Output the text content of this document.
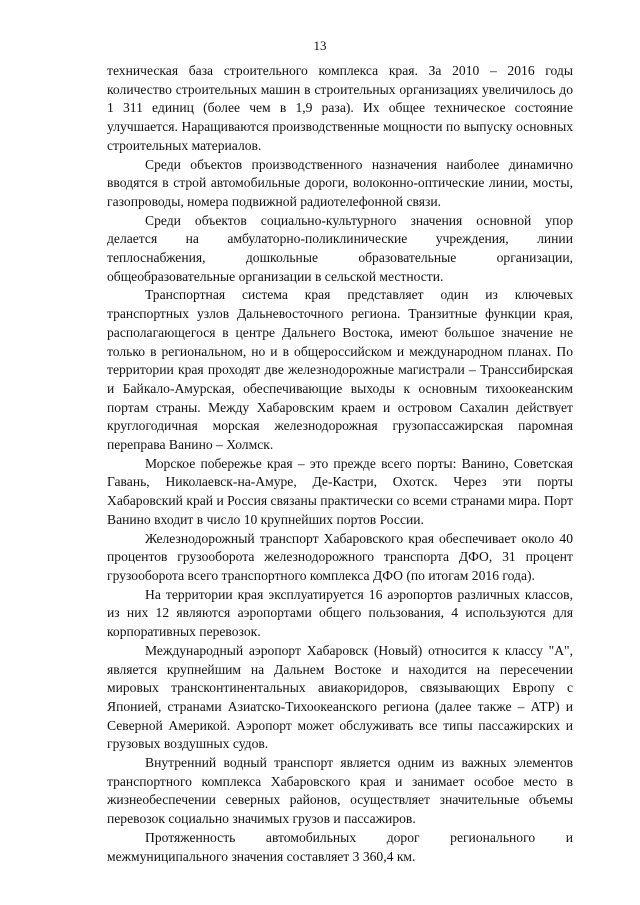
13

техническая база строительного комплекса края. За 2010 – 2016 годы количество строительных машин в строительных организациях увеличилось до 1 311 единиц (более чем в 1,9 раза). Их общее техническое состояние улучшается. Наращиваются производственные мощности по выпуску основных строительных материалов.

Среди объектов производственного назначения наиболее динамично вводятся в строй автомобильные дороги, волоконно-оптические линии, мосты, газопроводы, номера подвижной радиотелефонной связи.

Среди объектов социально-культурного значения основной упор делается на амбулаторно-поликлинические учреждения, линии теплоснабжения, дошкольные образовательные организации, общеобразовательные организации в сельской местности.

Транспортная система края представляет один из ключевых транспортных узлов Дальневосточного региона. Транзитные функции края, располагающегося в центре Дальнего Востока, имеют большое значение не только в региональном, но и в общероссийском и международном планах. По территории края проходят две железнодорожные магистрали – Транссибирская и Байкало-Амурская, обеспечивающие выходы к основным тихоокеанским портам страны. Между Хабаровским краем и островом Сахалин действует круглогодичная морская железнодорожная грузопассажирская паромная переправа Ванино – Холмск.

Морское побережье края – это прежде всего порты: Ванино, Советская Гавань, Николаевск-на-Амуре, Де-Кастри, Охотск. Через эти порты Хабаровский край и Россия связаны практически со всеми странами мира. Порт Ванино входит в число 10 крупнейших портов России.

Железнодорожный транспорт Хабаровского края обеспечивает около 40 процентов грузооборота железнодорожного транспорта ДФО, 31 процент грузооборота всего транспортного комплекса ДФО (по итогам 2016 года).

На территории края эксплуатируется 16 аэропортов различных классов, из них 12 являются аэропортами общего пользования, 4 используются для корпоративных перевозок.

Международный аэропорт Хабаровск (Новый) относится к классу "А", является крупнейшим на Дальнем Востоке и находится на пересечении мировых трансконтинентальных авиакоридоров, связывающих Европу с Японией, странами Азиатско-Тихоокеанского региона (далее также – АТР) и Северной Америкой. Аэропорт может обслуживать все типы пассажирских и грузовых воздушных судов.

Внутренний водный транспорт является одним из важных элементов транспортного комплекса Хабаровского края и занимает особое место в жизнеобеспечении северных районов, осуществляет значительные объемы перевозок социально значимых грузов и пассажиров.

Протяженность автомобильных дорог регионального и межмуниципального значения составляет 3 360,4 км.
